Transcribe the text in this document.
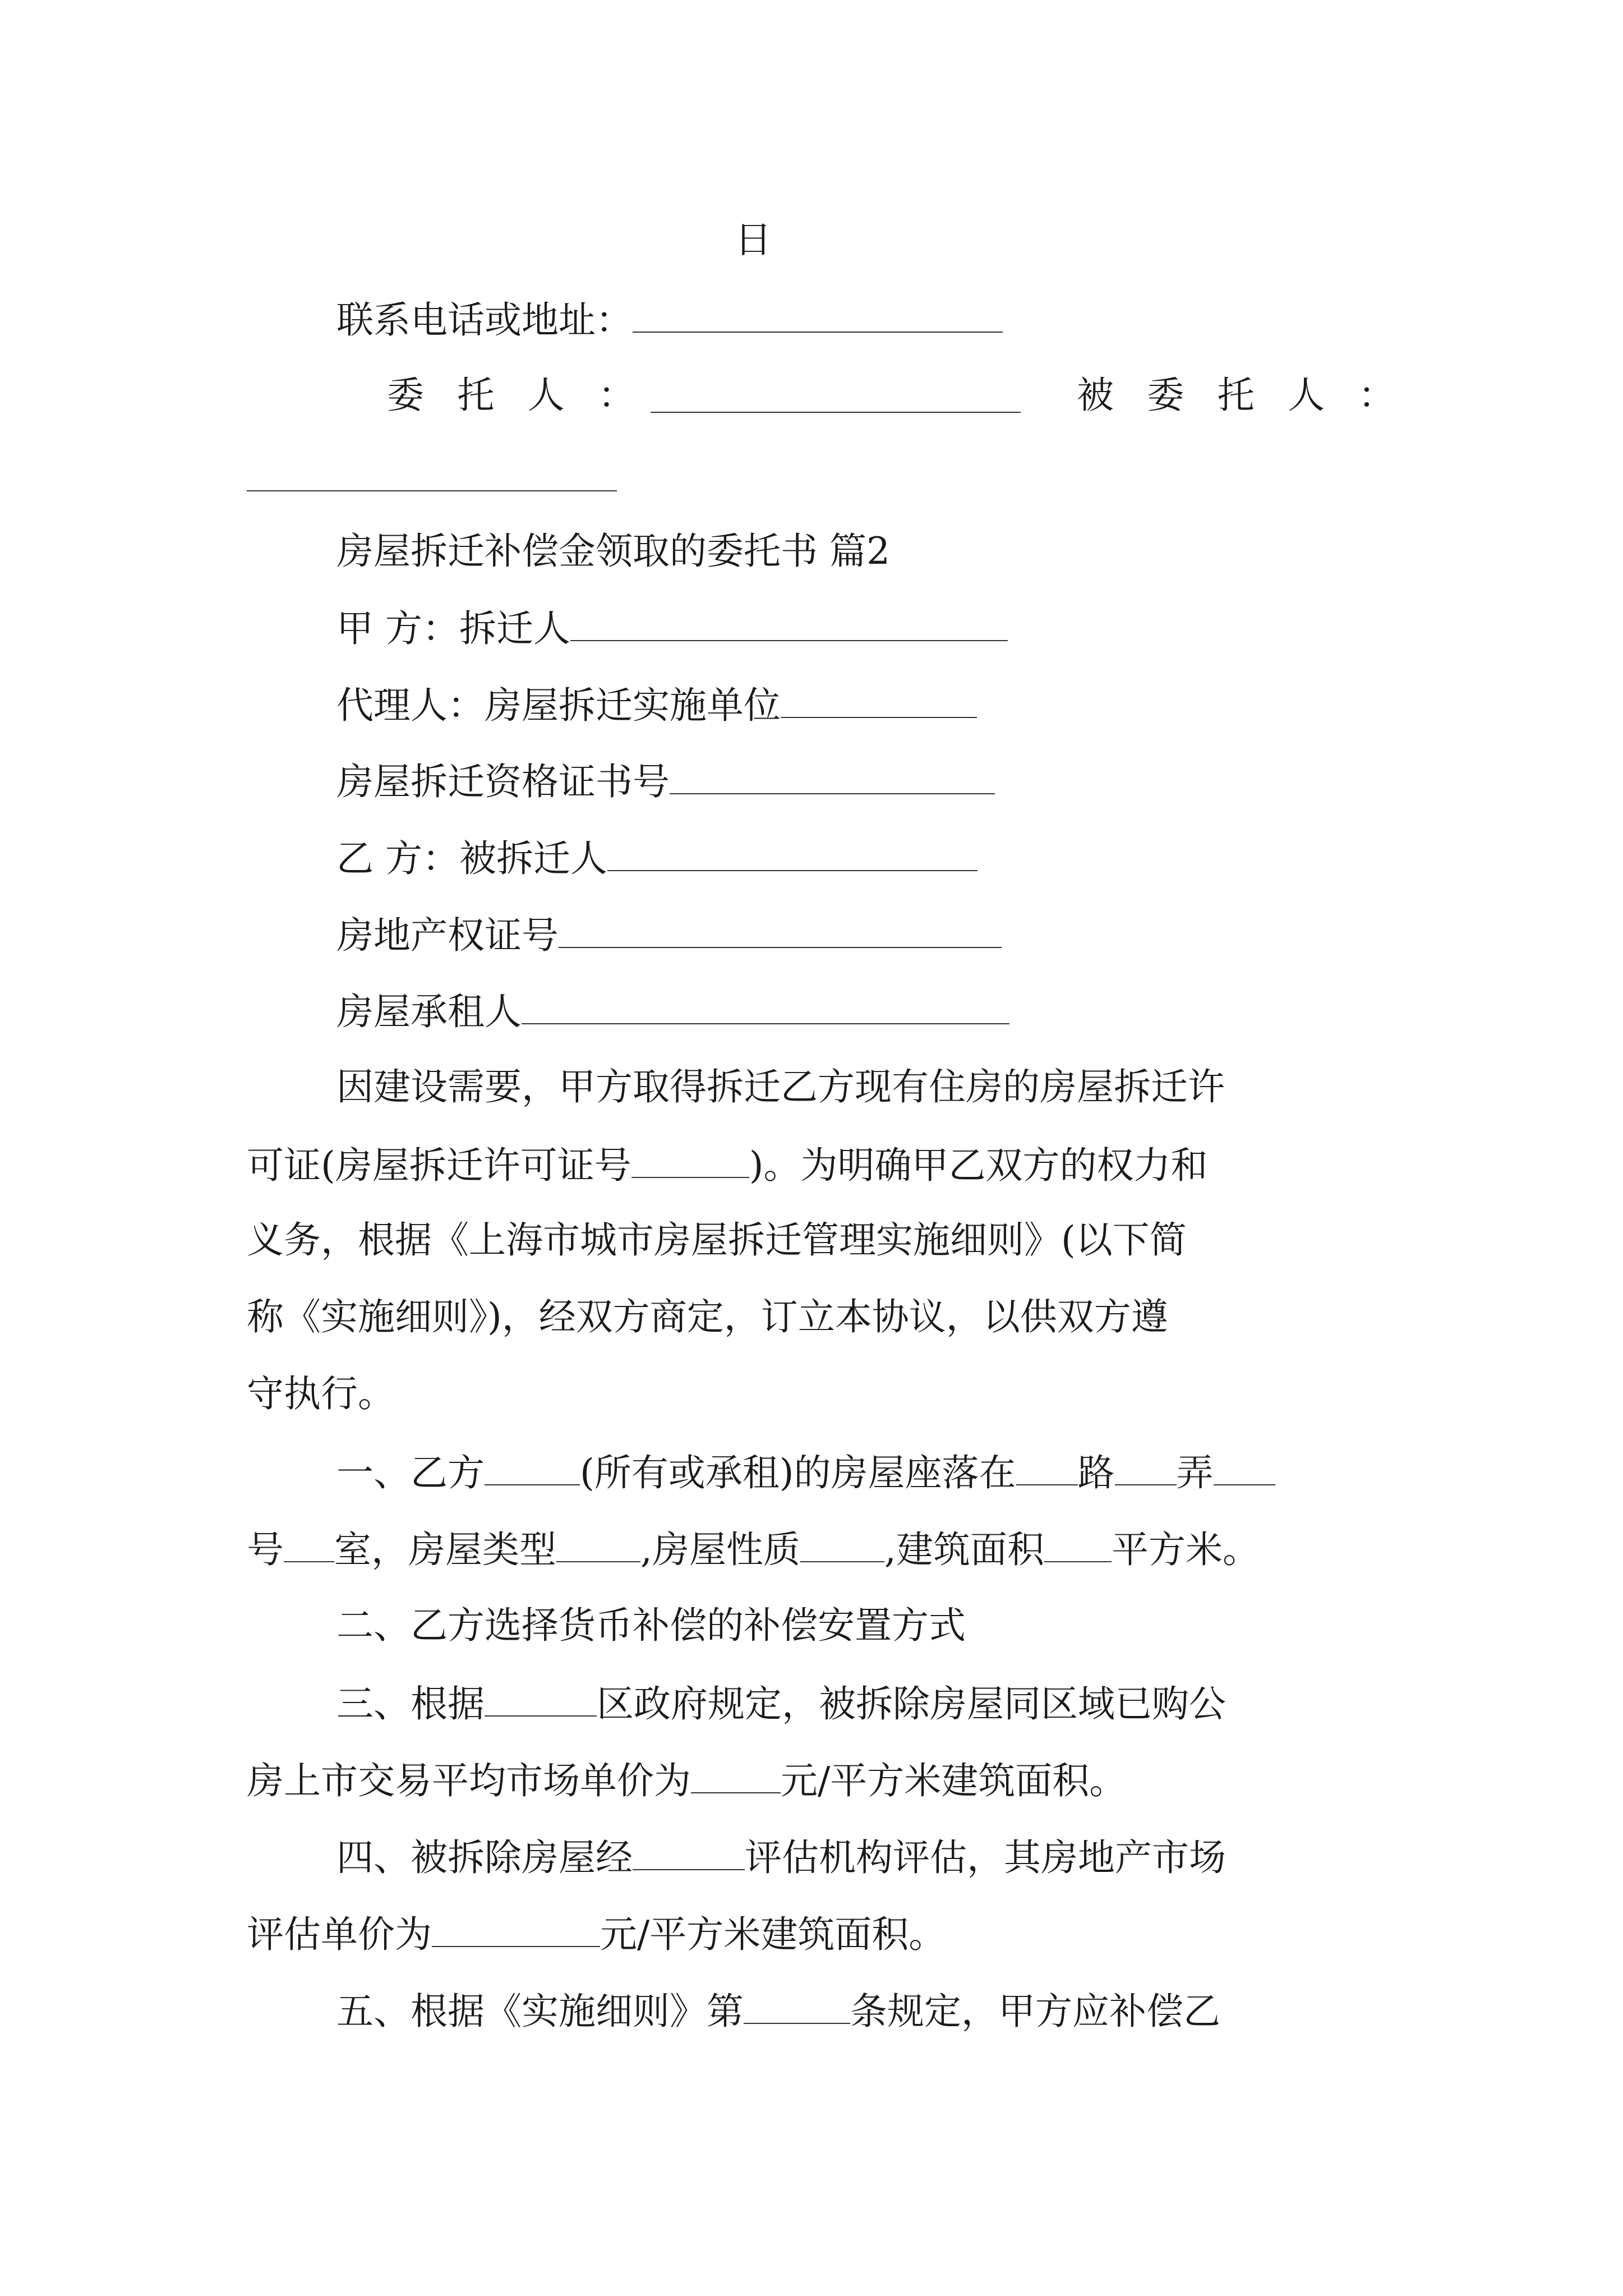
日
联系电话或地址：
委托人：	被委托人：
房屋拆迁补偿金领取的委托书 篇2
甲 方：拆迁人
代理人：房屋拆迁实施单位
房屋拆迁资格证书号
乙 方：被拆迁人
房地产权证号
房屋承租人
因建设需要，甲方取得拆迁乙方现有住房的房屋拆迁许
可证(房屋拆迁许可证号	)。为明确甲乙双方的权力和
义务，根据《上海市城市房屋拆迁管理实施细则》(以下简
称《实施细则》)，经双方商定，订立本协议，以供双方遵
守执行。
一、乙方	(所有或承租)的房屋座落在 路 弄
号 室，房屋类型 ,房屋性质 ,建筑面积 平方米。
二、乙方选择货币补偿的补偿安置方式
三、根据	区政府规定，被拆除房屋同区域已购公
房上市交易平均市场单价为 元/平方米建筑面积。
四、被拆除房屋经	评估机构评估，其房地产市场
评估单价为	元/平方米建筑面积。
五、根据《实施细则》第	条规定，甲方应补偿乙
